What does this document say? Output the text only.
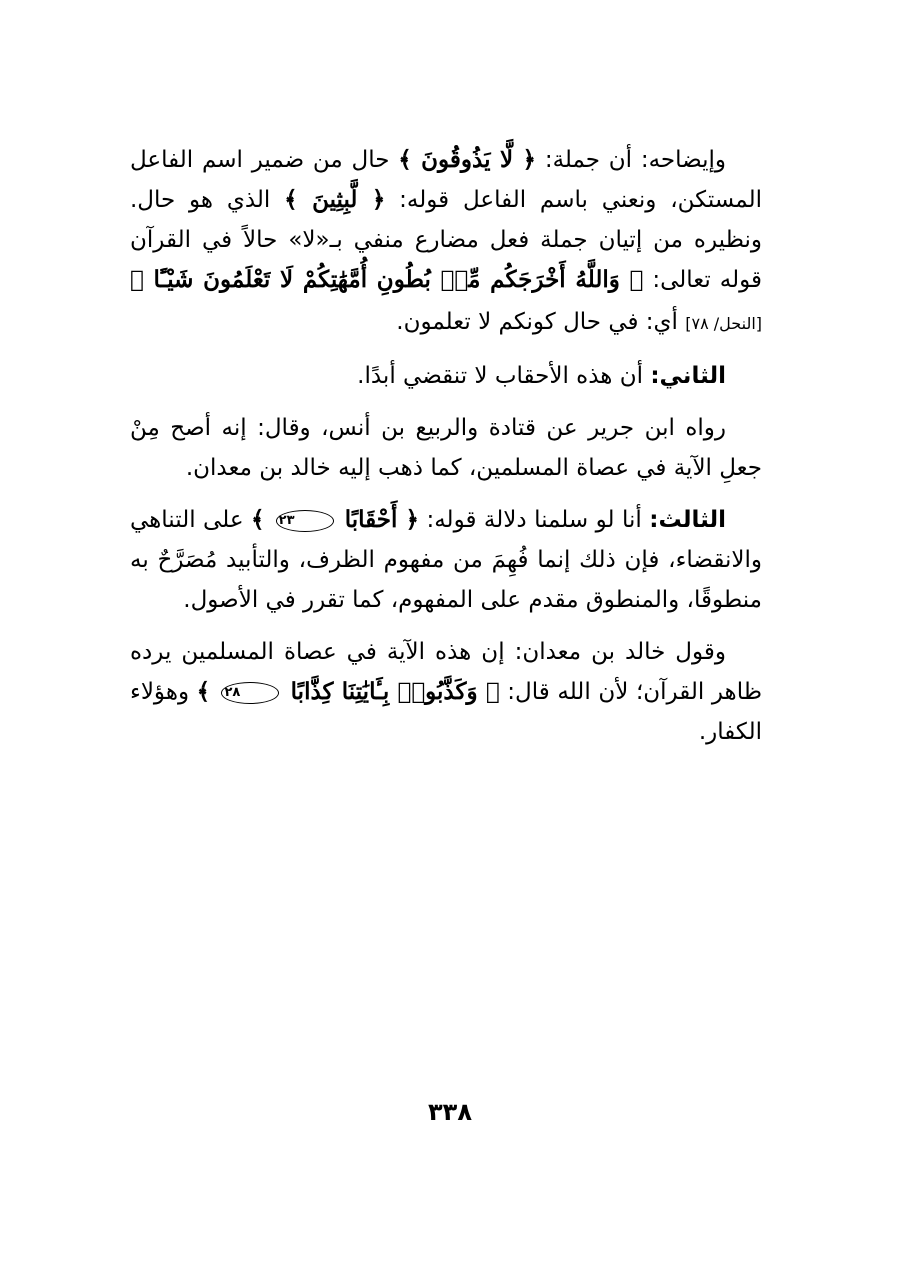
وإيضاحه: أن جملة: ﴿ لَّا يَذُوقُونَ ﴾ حال من ضمير اسم الفاعل المستكن، ونعني باسم الفاعل قوله: ﴿ لَّبِثِينَ ﴾ الذي هو حال. ونظيره من إتيان جملة فعل مضارع منفي بـ«لا» حالاً في القرآن قوله تعالى: ﴿ وَاللَّهُ أَخْرَجَكُم مِّنۢ بُطُونِ أُمَّهَٰتِكُمْ لَا تَعْلَمُونَ شَيْـًٔا ﴾ [النحل/ ٧٨] أي: في حال كونكم لا تعلمون.

الثاني: أن هذه الأحقاب لا تنقضي أبدًا.

رواه ابن جرير عن قتادة والربيع بن أنس، وقال: إنه أصح مِنْ جعلِ الآية في عصاة المسلمين، كما ذهب إليه خالد بن معدان.

الثالث: أنا لو سلمنا دلالة قوله: ﴿ أَحْقَابًا ٢٣ ﴾ على التناهي والانقضاء، فإن ذلك إنما فُهِمَ من مفهوم الظرف، والتأبيد مُصَرَّحٌ به منطوقًا، والمنطوق مقدم على المفهوم، كما تقرر في الأصول.

وقول خالد بن معدان: إن هذه الآية في عصاة المسلمين يرده ظاهر القرآن؛ لأن الله قال: ﴿ وَكَذَّبُوا۟ بِـَٔايَٰتِنَا كِذَّابًا ٢٨ ﴾ وهؤلاء الكفار.

٣٣٨
